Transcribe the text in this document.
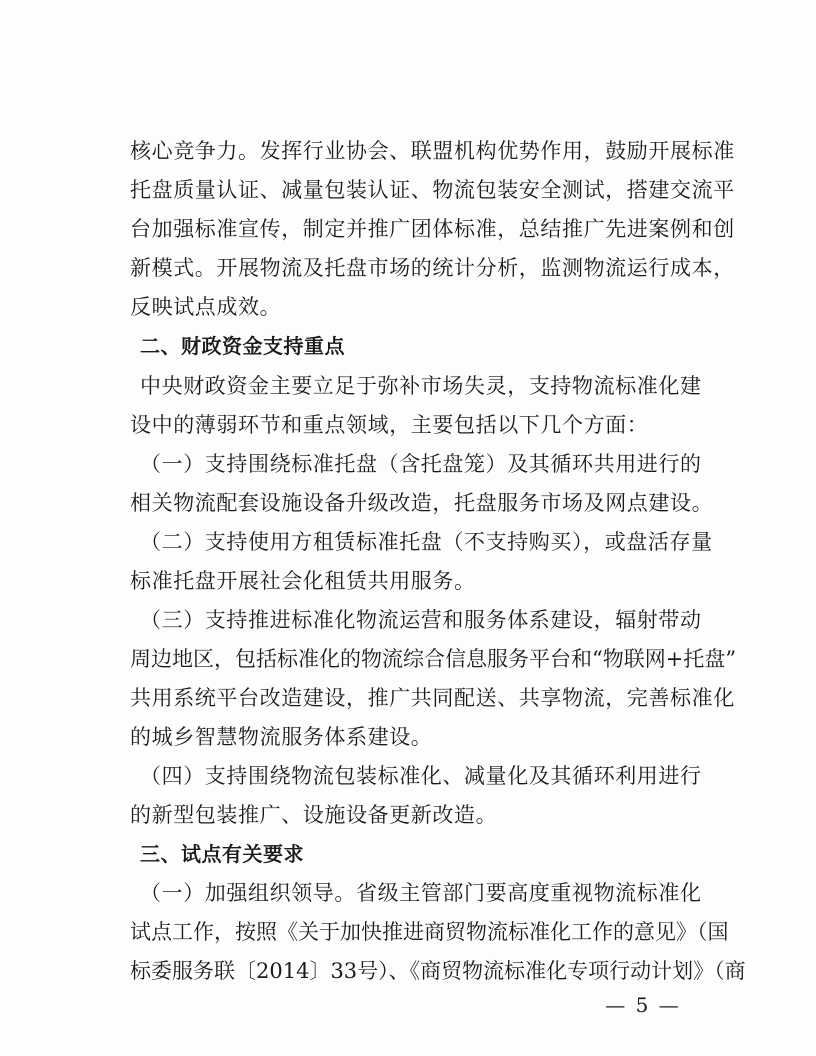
核心竞争力。发挥行业协会、联盟机构优势作用，鼓励开展标准
托盘质量认证、减量包装认证、物流包装安全测试，搭建交流平
台加强标准宣传，制定并推广团体标准，总结推广先进案例和创
新模式。开展物流及托盘市场的统计分析，监测物流运行成本，
反映试点成效。
二、财政资金支持重点
中央财政资金主要立足于弥补市场失灵，支持物流标准化建
设中的薄弱环节和重点领域，主要包括以下几个方面：
（一）支持围绕标准托盘（含托盘笼）及其循环共用进行的
相关物流配套设施设备升级改造，托盘服务市场及网点建设。
（二）支持使用方租赁标准托盘（不支持购买），或盘活存量
标准托盘开展社会化租赁共用服务。
（三）支持推进标准化物流运营和服务体系建设，辐射带动
周边地区，包括标准化的物流综合信息服务平台和“物联网+托盘”
共用系统平台改造建设，推广共同配送、共享物流，完善标准化
的城乡智慧物流服务体系建设。
（四）支持围绕物流包装标准化、减量化及其循环利用进行
的新型包装推广、设施设备更新改造。
三、试点有关要求
（一）加强组织领导。省级主管部门要高度重视物流标准化
试点工作，按照《关于加快推进商贸物流标准化工作的意见》（国
标委服务联〔2014〕33号）、《商贸物流标准化专项行动计划》（商
— 5 —
